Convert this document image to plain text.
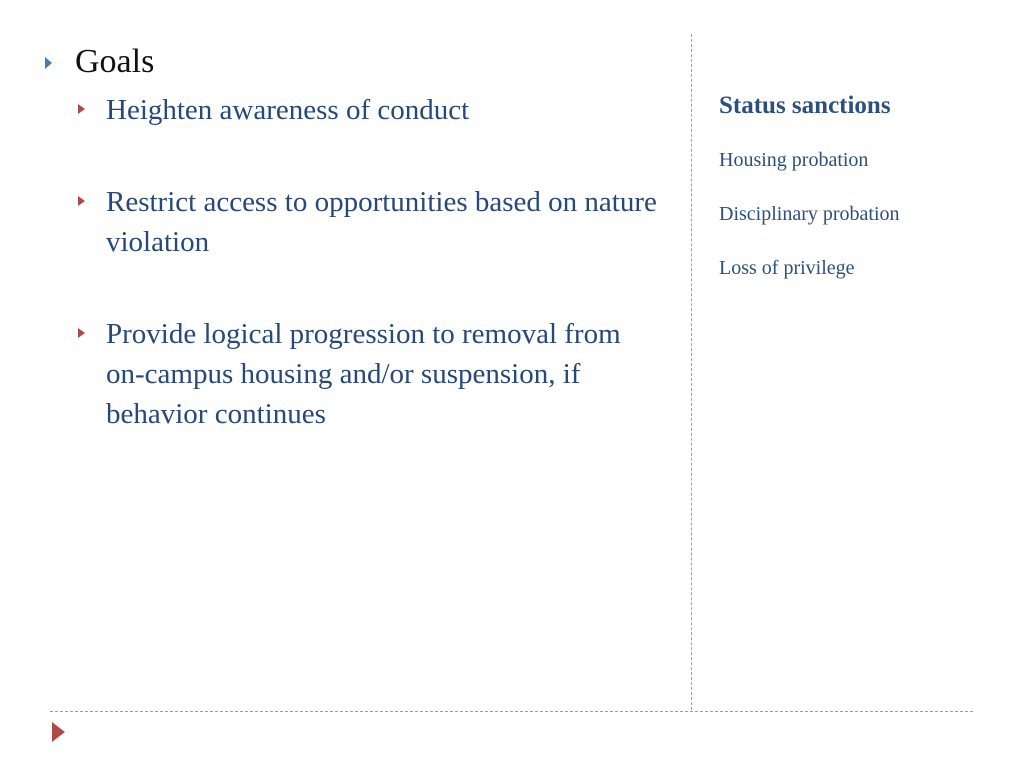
Goals
Heighten awareness of conduct
Restrict access to opportunities based on nature violation
Provide logical progression to removal from on-campus housing and/or suspension, if behavior continues
Status sanctions
Housing probation
Disciplinary probation
Loss of privilege
